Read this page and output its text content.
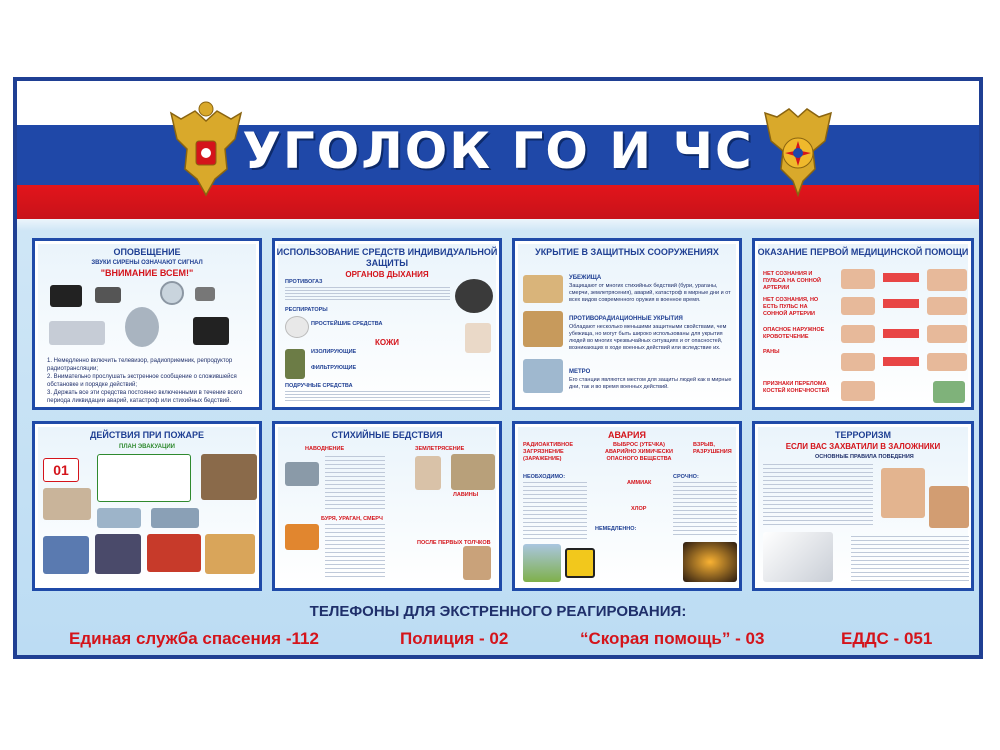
УГОЛОК ГО И ЧС
ОПОВЕЩЕНИЕ
ЗВУКИ СИРЕНЫ ОЗНАЧАЮТ СИГНАЛ
"ВНИМАНИЕ ВСЕМ!"
1. Немедленно включить телевизор, радиоприемник, репродуктор радиотрансляции;
2. Внимательно прослушать экстренное сообщение о сложившейся обстановке и порядке действий;
3. Держать все эти средства постоянно включенными в течение всего периода ликвидации аварий, катастроф или стихийных бедствий.
ИСПОЛЬЗОВАНИЕ СРЕДСТВ ИНДИВИДУАЛЬНОЙ ЗАЩИТЫ
ОРГАНОВ ДЫХАНИЯ
ПРОТИВОГАЗ
РЕСПИРАТОРЫ
ПРОСТЕЙШИЕ СРЕДСТВА
КОЖИ
ИЗОЛИРУЮЩИЕ
ФИЛЬТРУЮЩИЕ
ПОДРУЧНЫЕ СРЕДСТВА
УКРЫТИЕ В ЗАЩИТНЫХ СООРУЖЕНИЯХ
УБЕЖИЩА
Защищают от многих стихийных бедствий (бури, ураганы, смерчи, землетрясения), аварий, катастроф в мирные дни и от всех видов современного оружия в военное время.
ПРОТИВОРАДИАЦИОННЫЕ УКРЫТИЯ
Обладают несколько меньшими защитными свойствами, чем убежища, но могут быть широко использованы для укрытия людей во многих чрезвычайных ситуациях и от опасностей, возникающих в ходе военных действий или вследствие их.
МЕТРО
Его станции являются местом для защиты людей как в мирные дни, так и во время военных действий.
ОКАЗАНИЕ ПЕРВОЙ МЕДИЦИНСКОЙ ПОМОЩИ
НЕТ СОЗНАНИЯ И ПУЛЬСА НА СОННОЙ АРТЕРИИ
НЕТ СОЗНАНИЯ, НО ЕСТЬ ПУЛЬС НА СОННОЙ АРТЕРИИ
ОПАСНОЕ НАРУЖНОЕ КРОВОТЕЧЕНИЕ
РАНЫ
ПРИЗНАКИ ПЕРЕЛОМА КОСТЕЙ КОНЕЧНОСТЕЙ
ДЕЙСТВИЯ ПРИ ПОЖАРЕ
ПЛАН ЭВАКУАЦИИ
01
СТИХИЙНЫЕ БЕДСТВИЯ
НАВОДНЕНИЕ	ЗЕМЛЕТРЯСЕНИЕ
ЛАВИНЫ
БУРЯ, УРАГАН, СМЕРЧ
ПОСЛЕ ПЕРВЫХ ТОЛЧКОВ
АВАРИЯ
РАДИОАКТИВНОЕ ЗАГРЯЗНЕНИЕ (ЗАРАЖЕНИЕ)
ВЫБРОС (УТЕЧКА) АВАРИЙНО ХИМИЧЕСКИ ОПАСНОГО ВЕЩЕСТВА
ВЗРЫВ, РАЗРУШЕНИЯ
НЕОБХОДИМО:	СРОЧНО:
АММИАК
ХЛОР
НЕМЕДЛЕННО:
ТЕРРОРИЗМ
ЕСЛИ ВАС ЗАХВАТИЛИ В ЗАЛОЖНИКИ
ОСНОВНЫЕ ПРАВИЛА ПОВЕДЕНИЯ
ТЕЛЕФОНЫ ДЛЯ ЭКСТРЕННОГО РЕАГИРОВАНИЯ:
Единая служба спасения -112	Полиция - 02	“Скорая помощь” - 03	ЕДДС - 051
